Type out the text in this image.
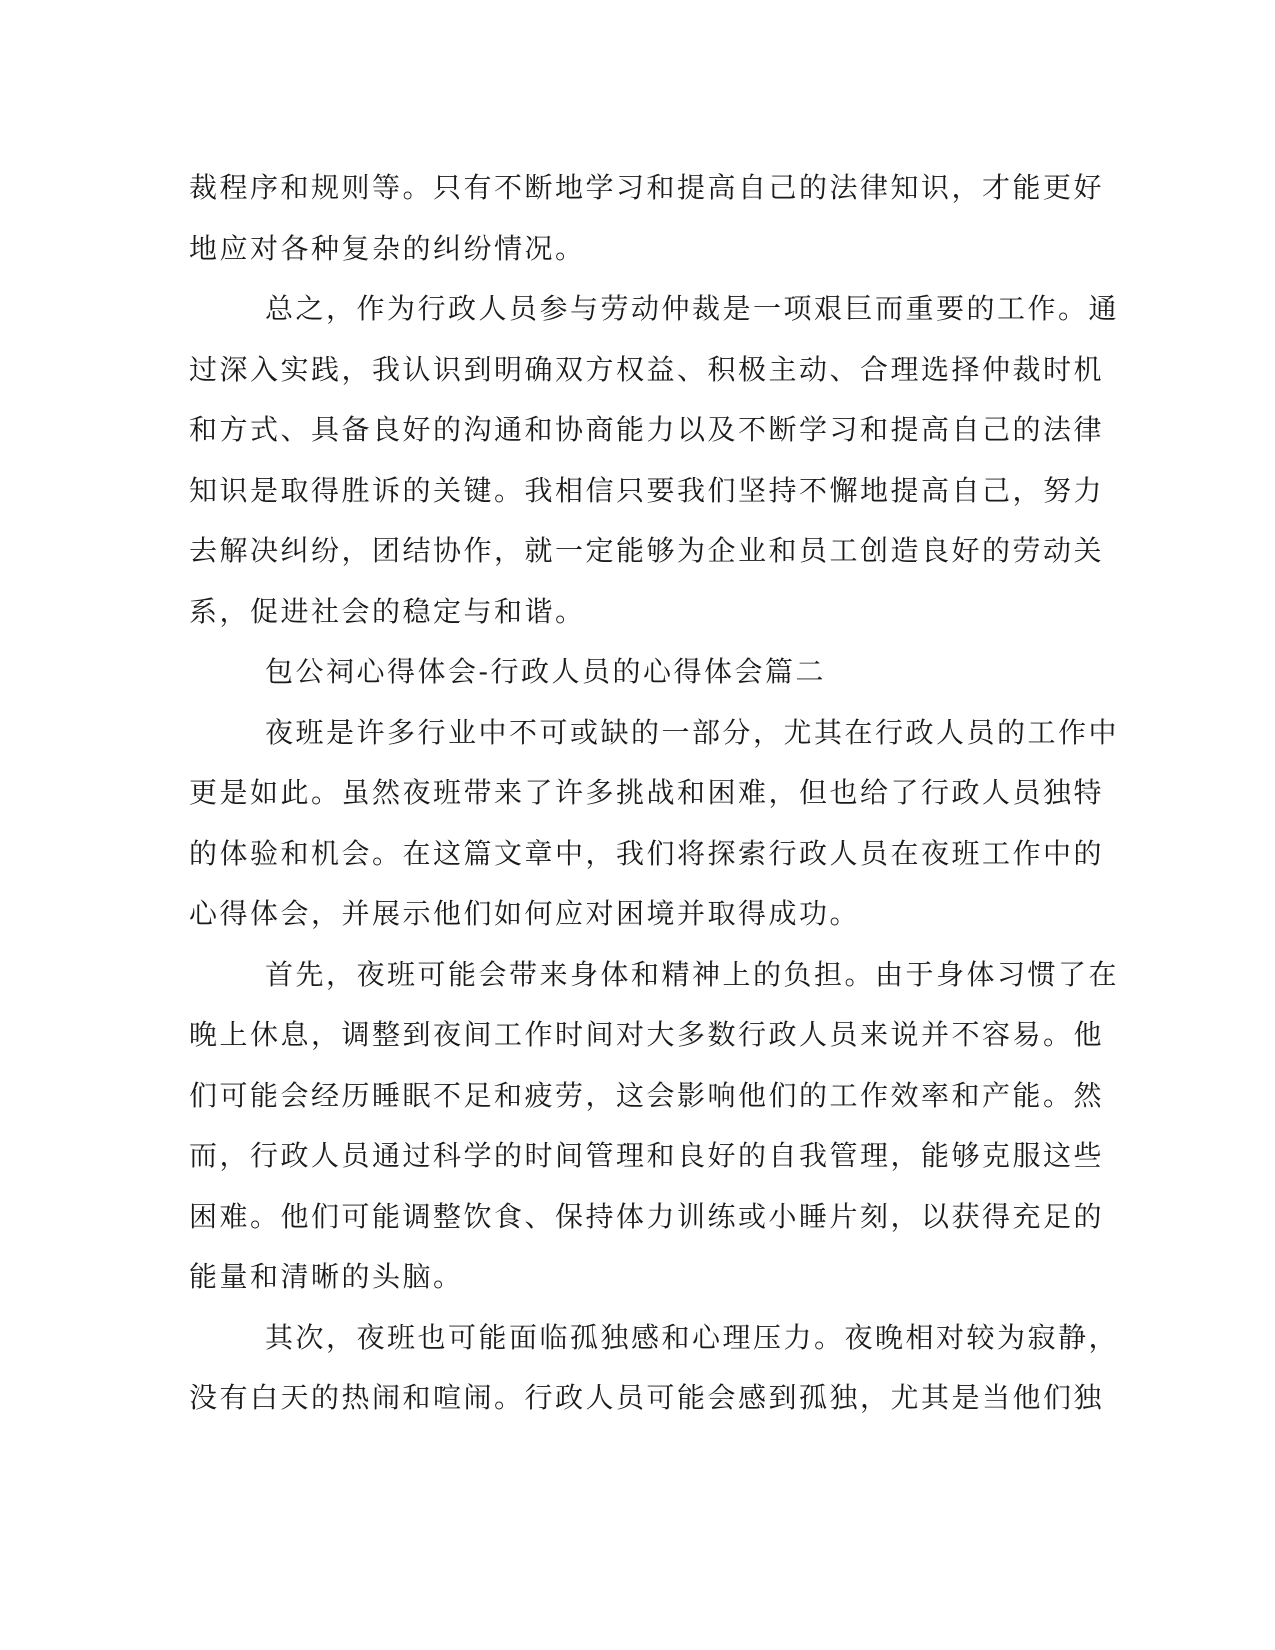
裁程序和规则等。只有不断地学习和提高自己的法律知识，才能更好
地应对各种复杂的纠纷情况。
总之，作为行政人员参与劳动仲裁是一项艰巨而重要的工作。通
过深入实践，我认识到明确双方权益、积极主动、合理选择仲裁时机
和方式、具备良好的沟通和协商能力以及不断学习和提高自己的法律
知识是取得胜诉的关键。我相信只要我们坚持不懈地提高自己，努力
去解决纠纷，团结协作，就一定能够为企业和员工创造良好的劳动关
系，促进社会的稳定与和谐。
包公祠心得体会-行政人员的心得体会篇二
夜班是许多行业中不可或缺的一部分，尤其在行政人员的工作中
更是如此。虽然夜班带来了许多挑战和困难，但也给了行政人员独特
的体验和机会。在这篇文章中，我们将探索行政人员在夜班工作中的
心得体会，并展示他们如何应对困境并取得成功。
首先，夜班可能会带来身体和精神上的负担。由于身体习惯了在
晚上休息，调整到夜间工作时间对大多数行政人员来说并不容易。他
们可能会经历睡眠不足和疲劳，这会影响他们的工作效率和产能。然
而，行政人员通过科学的时间管理和良好的自我管理，能够克服这些
困难。他们可能调整饮食、保持体力训练或小睡片刻，以获得充足的
能量和清晰的头脑。
其次，夜班也可能面临孤独感和心理压力。夜晚相对较为寂静，
没有白天的热闹和喧闹。行政人员可能会感到孤独，尤其是当他们独
